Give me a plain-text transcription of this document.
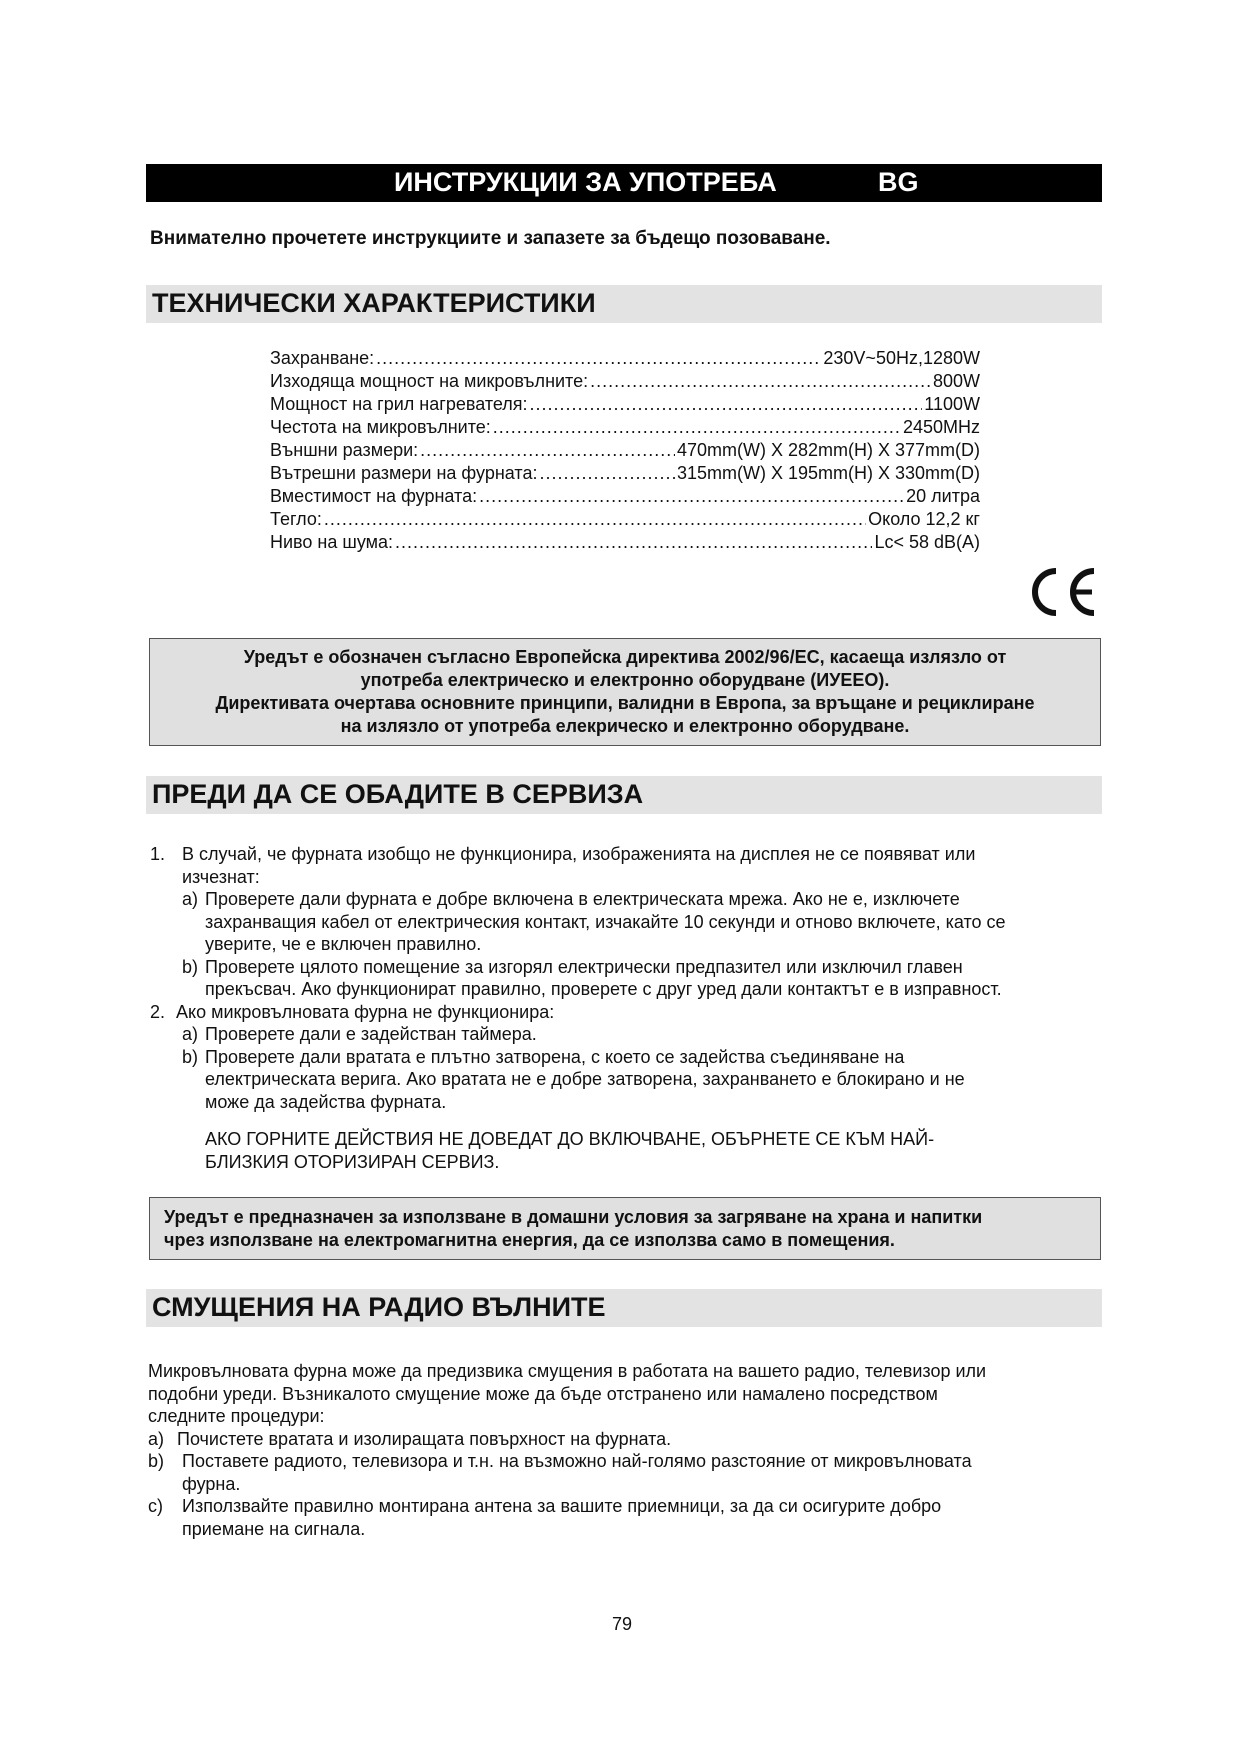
ИНСТРУКЦИИ ЗА УПОТРЕБА	BG
Внимателно прочетете инструкциите и запазете за бъдещо позоваване.
ТЕХНИЧЕСКИ ХАРАКТЕРИСТИКИ
Захранване: .....	230V~50Hz,1280W
Изходяща мощност на микровълните: .....	800W
Мощност на грил нагревателя: .....	1100W
Честота на микровълните: .....	2450MHz
Външни размери: .....	470mm(W) X 282mm(H) X 377mm(D)
Вътрешни размери на фурната: .....	315mm(W) X 195mm(H) X 330mm(D)
Вместимост на фурната: .....	20 литра
Тегло: .....	Около 12,2 кг
Ниво на шума: .....	Lc< 58 dB(A)
Уредът е обозначен съгласно Европейска директива 2002/96/ЕС, касаеща излязло от
употреба електрическо и електронно оборудване (ИУЕЕО).
Директивата очертава основните принципи, валидни в Европа, за връщане и рециклиране
на излязло от употреба елекрическо и електронно оборудване.
ПРЕДИ ДА СЕ ОБАДИТЕ В СЕРВИЗА
1. В случай, че фурната изобщо не функционира, изображенията на дисплея не се появяват или
изчезнат:
a) Проверете дали фурната е добре включена в електрическата мрежа. Ако не е, изключете
захранващия кабел от електрическия контакт, изчакайте 10 секунди и отново включете, като се
уверите, че е включен правилно.
b) Проверете цялото помещение за изгорял електрически предпазител или изключил главен
прекъсвач. Ако функционират правилно, проверете с друг уред дали контактът е в изправност.
2. Ако микровълновата фурна не функционира:
a) Проверете дали е задействан таймера.
b) Проверете дали вратата е плътно затворена, с което се задейства съединяване на
електрическата верига. Ако вратата не е добре затворена, захранването е блокирано и не
може да задейства фурната.
АКО ГОРНИТЕ ДЕЙСТВИЯ НЕ ДОВЕДАТ ДО ВКЛЮЧВАНЕ, ОБЪРНЕТЕ СЕ КЪМ НАЙ-
БЛИЗКИЯ ОТОРИЗИРАН СЕРВИЗ.
Уредът е предназначен за използване в домашни условия за загряване на храна и напитки
чрез използване на електромагнитна енергия, да се използва само в помещения.
СМУЩЕНИЯ НА РАДИО ВЪЛНИТЕ
Микровълновата фурна може да предизвика смущения в работата на вашето радио, телевизор или
подобни уреди. Възникалото смущение може да бъде отстранено или намалено посредством
следните процедури:
a) Почистете вратата и изолиращата повърхност на фурната.
b) Поставете радиото, телевизора и т.н. на възможно най-голямо разстояние от микровълновата
фурна.
c) Използвайте правилно монтирана антена за вашите приемници, за да си осигурите добро
приемане на сигнала.
79
